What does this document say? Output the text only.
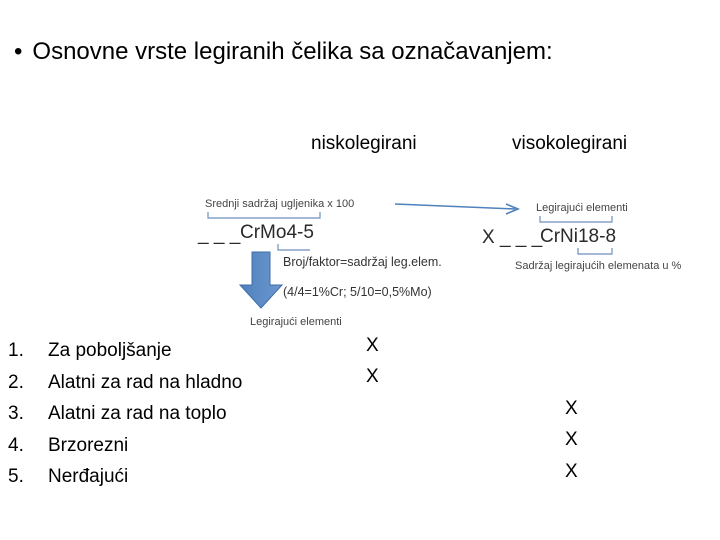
• Osnovne vrste legiranih čelika sa označavanjem:
niskolegirani	visokolegirani
Srednji sadržaj ugljenika x 100
_ _ _ CrMo4-5
Broj/faktor=sadržaj leg.elem.
(4/4=1%Cr; 5/10=0,5%Mo)
Legirajući elementi
Legirajući elementi
X _ _ _
CrNi18-8
Sadržaj legirajućih elemenata u %
1. Za poboljšanje
2. Alatni za rad na hladno
3. Alatni za rad na toplo
4. Brzorezni
5. Nerđajući
X
X
X
X
X
